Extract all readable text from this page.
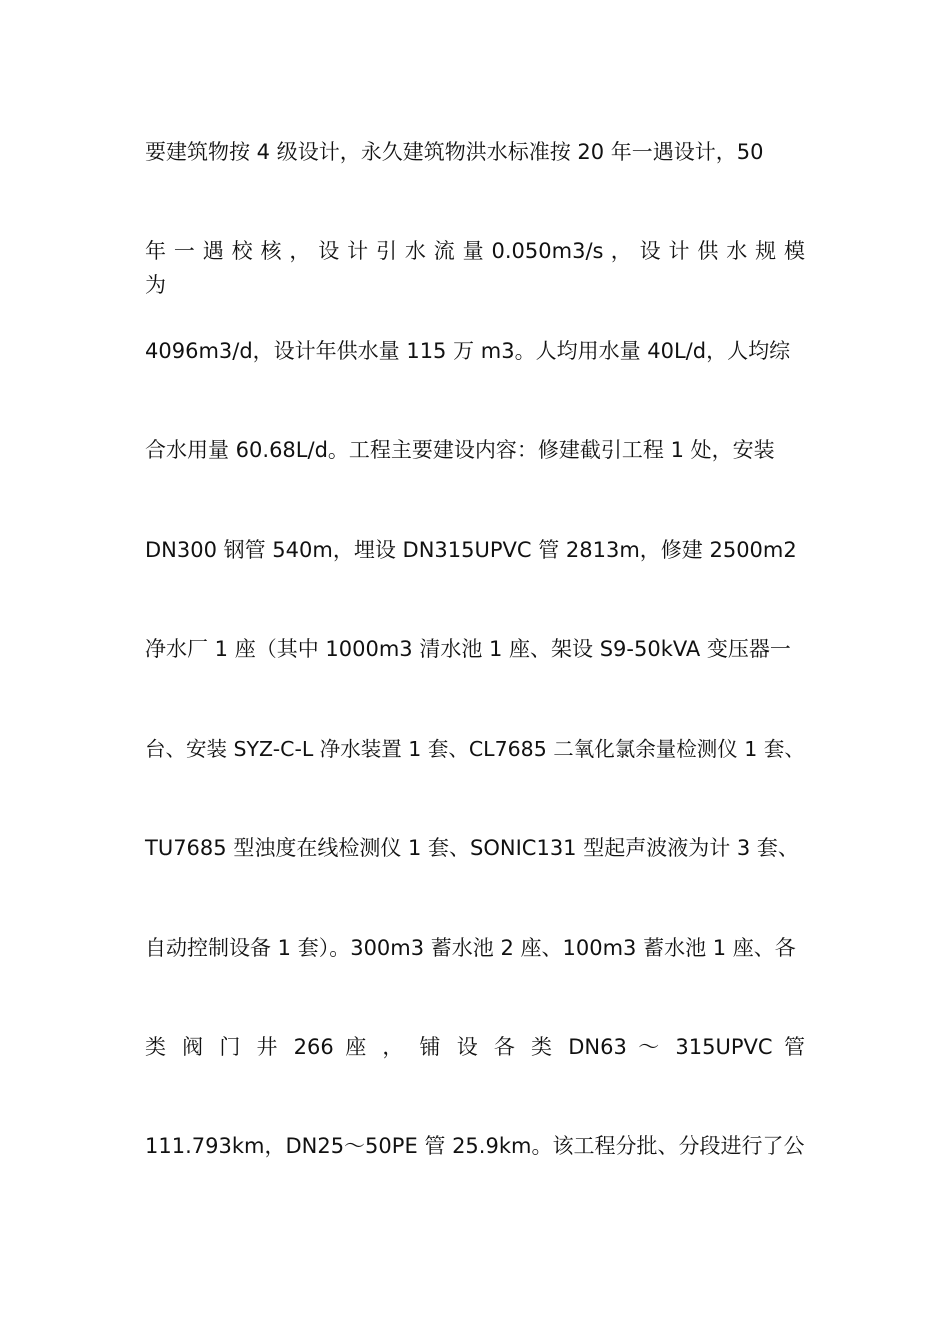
要建筑物按 4 级设计，永久建筑物洪水标准按 20 年一遇设计，50
年 一 遇 校 核 ， 设 计 引 水 流 量 0.050m3/s ， 设 计 供 水 规 模 为
4096m3/d，设计年供水量 115 万 m3。人均用水量 40L/d，人均综
合水用量 60.68L/d。工程主要建设内容：修建截引工程 1 处，安装
DN300 钢管 540m，埋设 DN315UPVC 管 2813m，修建 2500m2
净水厂 1 座（其中 1000m3 清水池 1 座、架设 S9-50kVA 变压器一
台、安装 SYZ-C-L 净水装置 1 套、CL7685 二氧化氯余量检测仪 1 套、
TU7685 型浊度在线检测仪 1 套、SONIC131 型起声波液为计 3 套、
自动控制设备 1 套）。300m3 蓄水池 2 座、100m3 蓄水池 1 座、各
类 阀 门 井 266 座 ， 铺 设 各 类 DN63 ～ 315UPVC 管
111.793km，DN25～50PE 管 25.9km。该工程分批、分段进行了公
